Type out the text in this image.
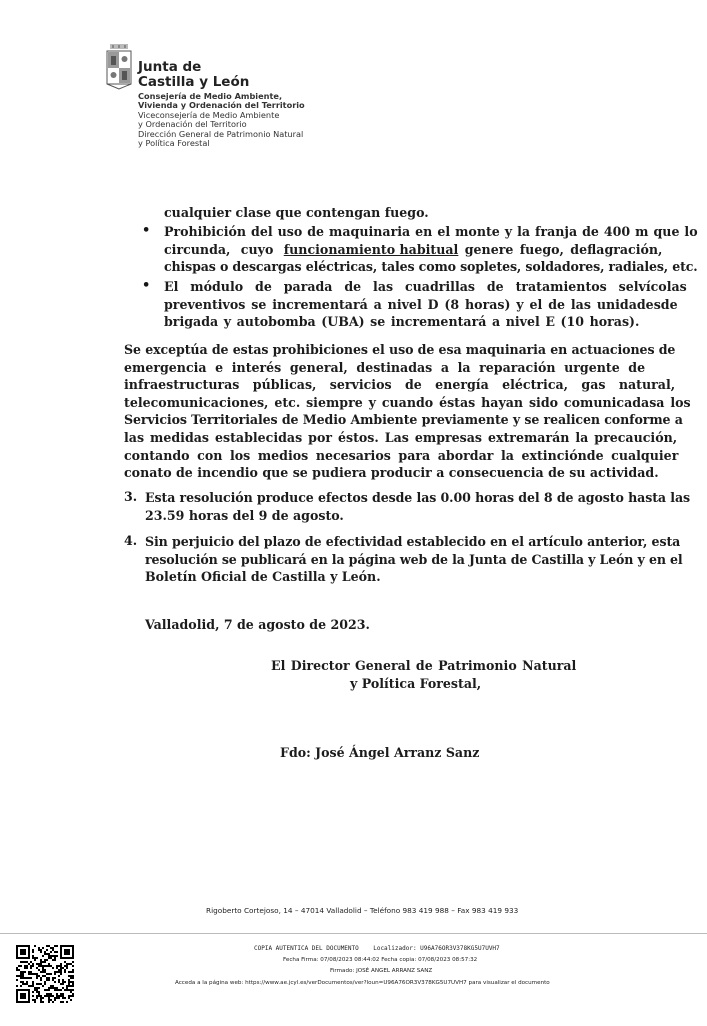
Junta de
Castilla y León
Consejería de Medio Ambiente,
Vivienda y Ordenación del Territorio
Viceconsejería de Medio Ambiente
y Ordenación del Territorio
Dirección General de Patrimonio Natural
y Política Forestal
cualquier clase que contengan fuego.
• Prohibición del uso de maquinaria en el monte y la franja de 400 m que lo
circunda, cuyo funcionamiento habitual genere fuego, deflagración,
chispas o descargas eléctricas, tales como sopletes, soldadores, radiales, etc.
• El módulo de parada de las cuadrillas de tratamientos selvícolas
preventivos se incrementará a nivel D (8 horas) y el de las unidadesde
brigada y autobomba (UBA) se incrementará a nivel E (10 horas).
Se exceptúa de estas prohibiciones el uso de esa maquinaria en actuaciones de
emergencia e interés general, destinadas a la reparación urgente de
infraestructuras públicas, servicios de energía eléctrica, gas natural,
telecomunicaciones, etc. siempre y cuando éstas hayan sido comunicadasa los
Servicios Territoriales de Medio Ambiente previamente y se realicen conforme a
las medidas establecidas por éstos. Las empresas extremarán la precaución,
contando con los medios necesarios para abordar la extinciónde cualquier
conato de incendio que se pudiera producir a consecuencia de su actividad.
3. Esta resolución produce efectos desde las 0.00 horas del 8 de agosto hasta las
23.59 horas del 9 de agosto.
4. Sin perjuicio del plazo de efectividad establecido en el artículo anterior, esta
resolución se publicará en la página web de la Junta de Castilla y León y en el
Boletín Oficial de Castilla y León.
Valladolid, 7 de agosto de 2023.
El Director General de Patrimonio Natural
y Política Forestal,
Fdo: José Ángel Arranz Sanz
Rigoberto Cortejoso, 14 – 47014 Valladolid – Teléfono 983 419 988 – Fax 983 419 933
COPIA AUTENTICA DEL DOCUMENTO Localizador: U96A76OR3V378KG5U7UVH7
Fecha Firma: 07/08/2023 08:44:02 Fecha copia: 07/08/2023 08:57:32
Firmado: JOSÉ ANGEL ARRANZ SANZ
Acceda a la página web: https://www.ae.jcyl.es/verDocumentos/ver?loun=U96A76OR3V378KG5U7UVH7 para visualizar el documento
